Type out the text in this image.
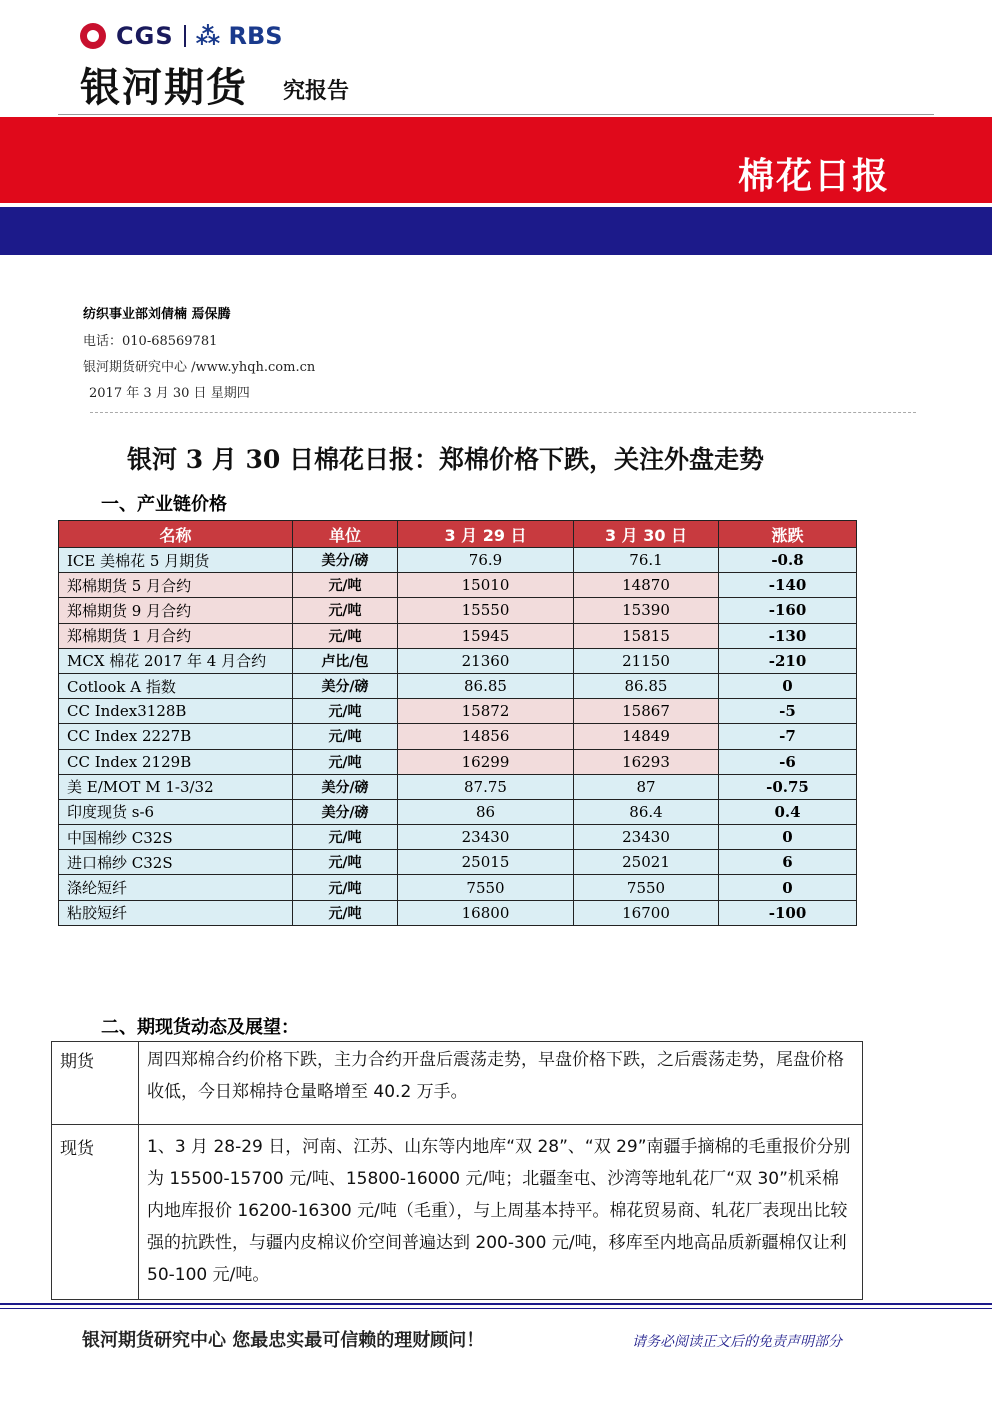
CGS ⁂ RBS
银河期货 究报告
棉花日报
纺织事业部刘倩楠 焉保腾
电话：010-68569781
银河期货研究中心 /www.yhqh.com.cn
2017 年 3 月 30 日 星期四
银河 3 月 30 日棉花日报：郑棉价格下跌，关注外盘走势
一、产业链价格
名称	单位	3 月 29 日	3 月 30 日	涨跌
ICE 美棉花 5 月期货	美分/磅	76.9	76.1	-0.8
郑棉期货 5 月合约	元/吨	15010	14870	-140
郑棉期货 9 月合约	元/吨	15550	15390	-160
郑棉期货 1 月合约	元/吨	15945	15815	-130
MCX 棉花 2017 年 4 月合约	卢比/包	21360	21150	-210
Cotlook A 指数	美分/磅	86.85	86.85	0
CC Index3128B	元/吨	15872	15867	-5
CC Index 2227B	元/吨	14856	14849	-7
CC Index 2129B	元/吨	16299	16293	-6
美 E/MOT M 1-3/32	美分/磅	87.75	87	-0.75
印度现货 s-6	美分/磅	86	86.4	0.4
中国棉纱 C32S	元/吨	23430	23430	0
进口棉纱 C32S	元/吨	25015	25021	6
涤纶短纤	元/吨	7550	7550	0
粘胶短纤	元/吨	16800	16700	-100
二、期现货动态及展望：
期货	周四郑棉合约价格下跌，主力合约开盘后震荡走势，早盘价格下跌，之后震荡走势，尾盘价格收低，今日郑棉持仓量略增至 40.2 万手。
现货	1、3 月 28-29 日，河南、江苏、山东等内地库“双 28”、“双 29”南疆手摘棉的毛重报价分别为 15500-15700 元/吨、15800-16000 元/吨；北疆奎屯、沙湾等地轧花厂“双 30”机采棉内地库报价 16200-16300 元/吨（毛重），与上周基本持平。棉花贸易商、轧花厂表现出比较强的抗跌性，与疆内皮棉议价空间普遍达到 200-300 元/吨，移库至内地高品质新疆棉仅让利 50-100 元/吨。
银河期货研究中心 您最忠实最可信赖的理财顾问！	请务必阅读正文后的免责声明部分
